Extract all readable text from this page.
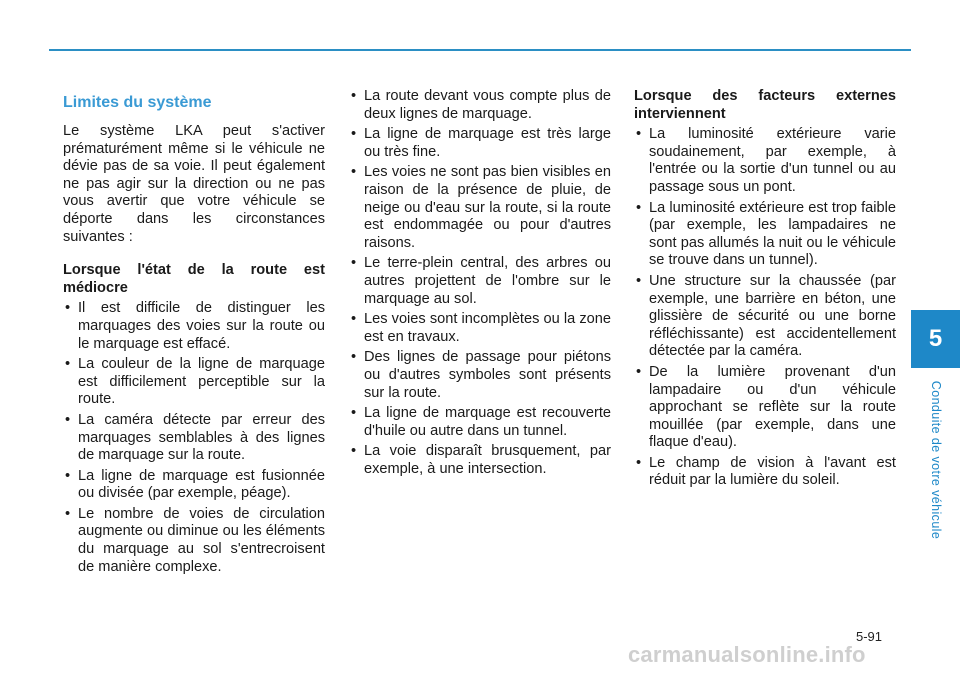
5
Conduite de votre véhicule
Limites du système

Le système LKA peut s'activer prématurément même si le véhicule ne dévie pas de sa voie. Il peut également ne pas agir sur la direction ou ne pas vous avertir que votre véhicule se déporte dans les circonstances suivantes :

Lorsque l'état de la route est médiocre

• Il est difficile de distinguer les marquages des voies sur la route ou le marquage est effacé.
• La couleur de la ligne de marquage est difficilement perceptible sur la route.
• La caméra détecte par erreur des marquages semblables à des lignes de marquage sur la route.
• La ligne de marquage est fusionnée ou divisée (par exemple, péage).
• Le nombre de voies de circulation augmente ou diminue ou les éléments du marquage au sol s'entrecroisent de manière complexe.
• La route devant vous compte plus de deux lignes de marquage.
• La ligne de marquage est très large ou très fine.
• Les voies ne sont pas bien visibles en raison de la présence de pluie, de neige ou d'eau sur la route, si la route est endommagée ou pour d'autres raisons.
• Le terre-plein central, des arbres ou autres projettent de l'ombre sur le marquage au sol.
• Les voies sont incomplètes ou la zone est en travaux.
• Des lignes de passage pour piétons ou d'autres symboles sont présents sur la route.
• La ligne de marquage est recouverte d'huile ou autre dans un tunnel.
• La voie disparaît brusquement, par exemple, à une intersection.

Lorsque des facteurs externes interviennent

• La luminosité extérieure varie soudainement, par exemple, à l'entrée ou la sortie d'un tunnel ou au passage sous un pont.
• La luminosité extérieure est trop faible (par exemple, les lampadaires ne sont pas allumés la nuit ou le véhicule se trouve dans un tunnel).
• Une structure sur la chaussée (par exemple, une barrière en béton, une glissière de sécurité ou une borne réfléchissante) est accidentellement détectée par la caméra.
• De la lumière provenant d'un lampadaire ou d'un véhicule approchant se reflète sur la route mouillée (par exemple, dans une flaque d'eau).
• Le champ de vision à l'avant est réduit par la lumière du soleil.
5-91
carmanualsonline.info
